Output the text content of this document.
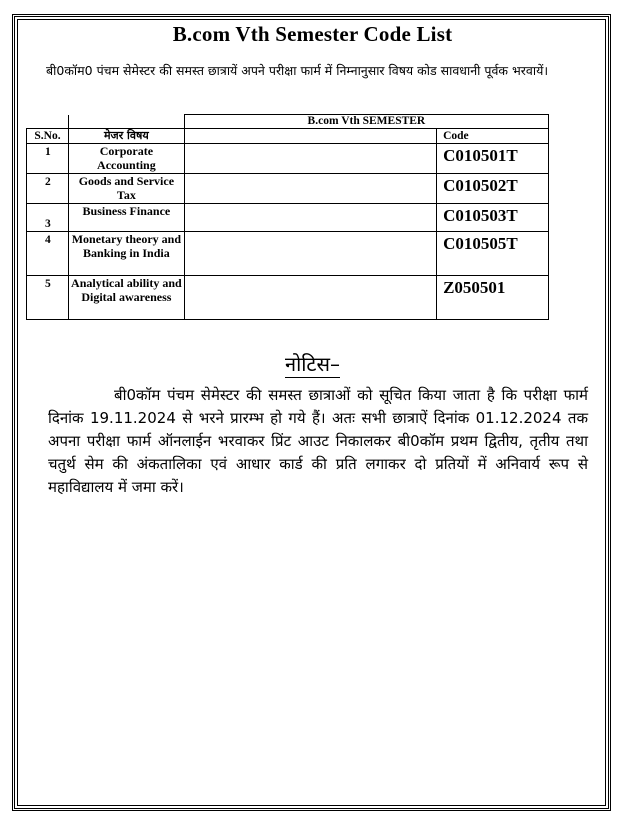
B.com Vth Semester Code List
बी0कॉम0 पंचम सेमेस्टर की समस्त छात्रायें अपने परीक्षा फार्म में निम्नानुसार विषय कोड सावधानी पूर्वक भरवायें।
		B.com Vth SEMESTER	
S.No.	मेजर विषय		Code
1	Corporate Accounting		C010501T
2	Goods and Service Tax		C010502T
3	Business Finance		C010503T
4	Monetary theory and Banking in India		C010505T
5	Analytical ability and Digital awareness		Z050501
नोटिस–
बी0कॉम पंचम सेमेस्टर की समस्त छात्राओं को सूचित किया जाता है कि परीक्षा फार्म दिनांक 19.11.2024 से भरने प्रारम्भ हो गये हैं। अतः सभी छात्राऐं दिनांक 01.12.2024 तक अपना परीक्षा फार्म ऑनलाईन भरवाकर प्रिंट आउट निकालकर बी0कॉम प्रथम द्वितीय, तृतीय तथा चतुर्थ सेम की अंकतालिका एवं आधार कार्ड की प्रति लगाकर दो प्रतियों में अनिवार्य रूप से महाविद्यालय में जमा करें।
